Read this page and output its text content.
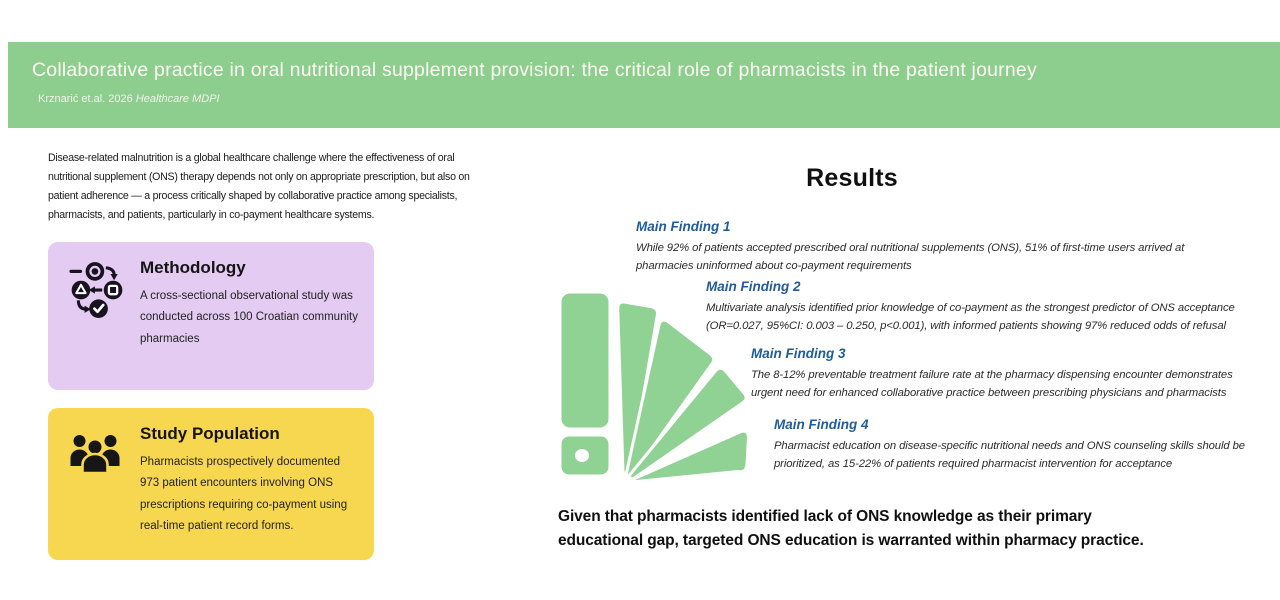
Collaborative practice in oral nutritional supplement provision: the critical role of pharmacists in the patient journey
Krznarić et.al. 2026 Healthcare MDPI
Disease-related malnutrition is a global healthcare challenge where the effectiveness of oral nutritional supplement (ONS) therapy depends not only on appropriate prescription, but also on patient adherence — a process critically shaped by collaborative practice among specialists, pharmacists, and patients, particularly in co-payment healthcare systems.
Methodology
A cross-sectional observational study was conducted across 100 Croatian community pharmacies
Study Population
Pharmacists prospectively documented 973 patient encounters involving ONS prescriptions requiring co-payment using real-time patient record forms.
Results

Main Finding 1

While 92% of patients accepted prescribed oral nutritional supplements (ONS), 51% of first-time users arrived at pharmacies uninformed about co-payment requirements

Main Finding 2

Multivariate analysis identified prior knowledge of co-payment as the strongest predictor of ONS acceptance (OR=0.027, 95%CI: 0.003 – 0.250, p<0.001), with informed patients showing 97% reduced odds of refusal

Main Finding 3

The 8-12% preventable treatment failure rate at the pharmacy dispensing encounter demonstrates urgent need for enhanced collaborative practice between prescribing physicians and pharmacists

Main Finding 4

Pharmacist education on disease-specific nutritional needs and ONS counseling skills should be prioritized, as 15-22% of patients required pharmacist intervention for acceptance
Given that pharmacists identified lack of ONS knowledge as their primary educational gap, targeted ONS education is warranted within pharmacy practice.
